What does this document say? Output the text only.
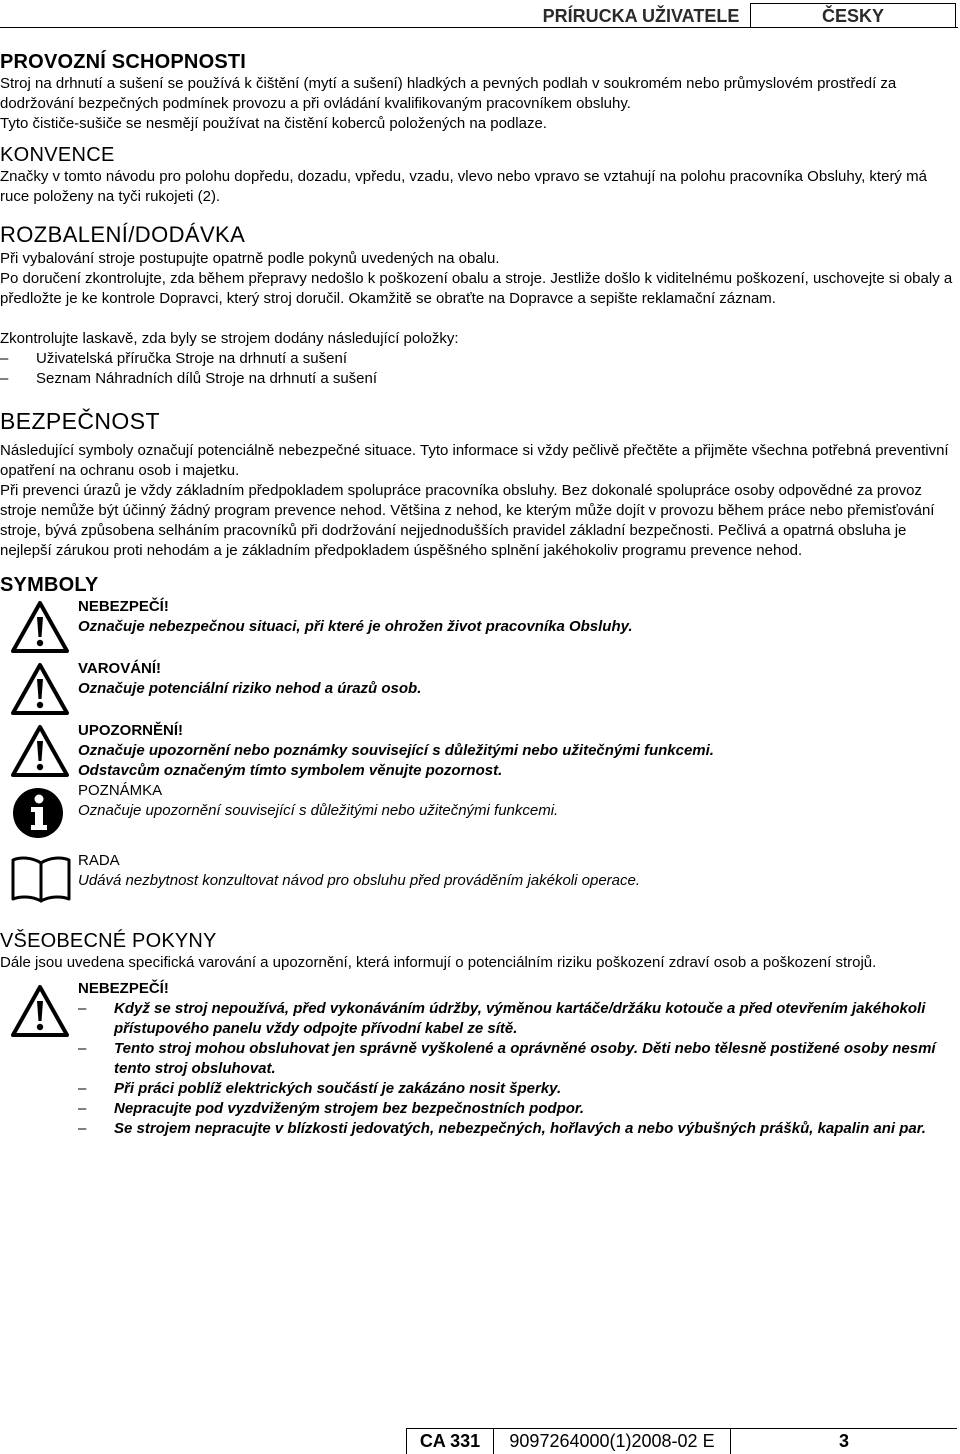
PRÍRUCKA UŽIVATELE	ČESKY
PROVOZNÍ SCHOPNOSTI

Stroj na drhnutí a sušení se používá k čištění (mytí a sušení) hladkých a pevných podlah v soukromém nebo průmyslovém prostředí za dodržování bezpečných podmínek provozu a při ovládání kvalifikovaným pracovníkem obsluhy.

Tyto čističe-sušiče se nesmějí používat na čistění koberců položených na podlaze.

KONVENCE

Značky v tomto návodu pro polohu dopředu, dozadu, vpředu, vzadu, vlevo nebo vpravo se vztahují na polohu pracovníka Obsluhy, který má ruce položeny na tyči rukojeti (2).

ROZBALENÍ/DODÁVKA

Při vybalování stroje postupujte opatrně podle pokynů uvedených na obalu.

Po doručení zkontrolujte, zda během přepravy nedošlo k poškození obalu a stroje. Jestliže došlo k viditelnému poškození, uschovejte si obaly a předložte je ke kontrole Dopravci, který stroj doručil. Okamžitě se obraťte na Dopravce a sepište reklamační záznam.

Zkontrolujte laskavě, zda byly se strojem dodány následující položky:

– Uživatelská příručka Stroje na drhnutí a sušení
– Seznam Náhradních dílů Stroje na drhnutí a sušení
BEZPEČNOST

Následující symboly označují potenciálně nebezpečné situace. Tyto informace si vždy pečlivě přečtěte a přijměte všechna potřebná preventivní opatření na ochranu osob i majetku.

Při prevenci úrazů je vždy základním předpokladem spolupráce pracovníka obsluhy. Bez dokonalé spolupráce osoby odpovědné za provoz stroje nemůže být účinný žádný program prevence nehod. Většina z nehod, ke kterým může dojít v provozu během práce nebo přemisťování stroje, bývá způsobena selháním pracovníků při dodržování nejjednodušších pravidel základní bezpečnosti. Pečlivá a opatrná obsluha je nejlepší zárukou proti nehodám a je základním předpokladem úspěšného splnění jakéhokoliv programu prevence nehod.

SYMBOLY
NEBEZPEČÍ!
Označuje nebezpečnou situaci, při které je ohrožen život pracovníka Obsluhy.
VAROVÁNÍ!
Označuje potenciální riziko nehod a úrazů osob.
UPOZORNĚNÍ!
Označuje upozornění nebo poznámky související s důležitými nebo užitečnými funkcemi.
Odstavcům označeným tímto symbolem věnujte pozornost.
POZNÁMKA
Označuje upozornění související s důležitými nebo užitečnými funkcemi.
RADA
Udává nezbytnost konzultovat návod pro obsluhu před prováděním jakékoli operace.
VŠEOBECNÉ POKYNY

Dále jsou uvedena specifická varování a upozornění, která informují o potenciálním riziku poškození zdraví osob a poškození strojů.

NEBEZPEČÍ!
– Když se stroj nepoužívá, před vykonáváním údržby, výměnou kartáče/držáku kotouče a před otevřením jakéhokoli přístupového panelu vždy odpojte přívodní kabel ze sítě.
– Tento stroj mohou obsluhovat jen správně vyškolené a oprávněné osoby. Děti nebo tělesně postižené osoby nesmí tento stroj obsluhovat.
– Při práci poblíž elektrických součástí je zakázáno nosit šperky.
– Nepracujte pod vyzdviženým strojem bez bezpečnostních podpor.
– Se strojem nepracujte v blízkosti jedovatých, nebezpečných, hořlavých a nebo výbušných prášků, kapalin ani par.
CA 331	9097264000(1)2008-02 E	3
